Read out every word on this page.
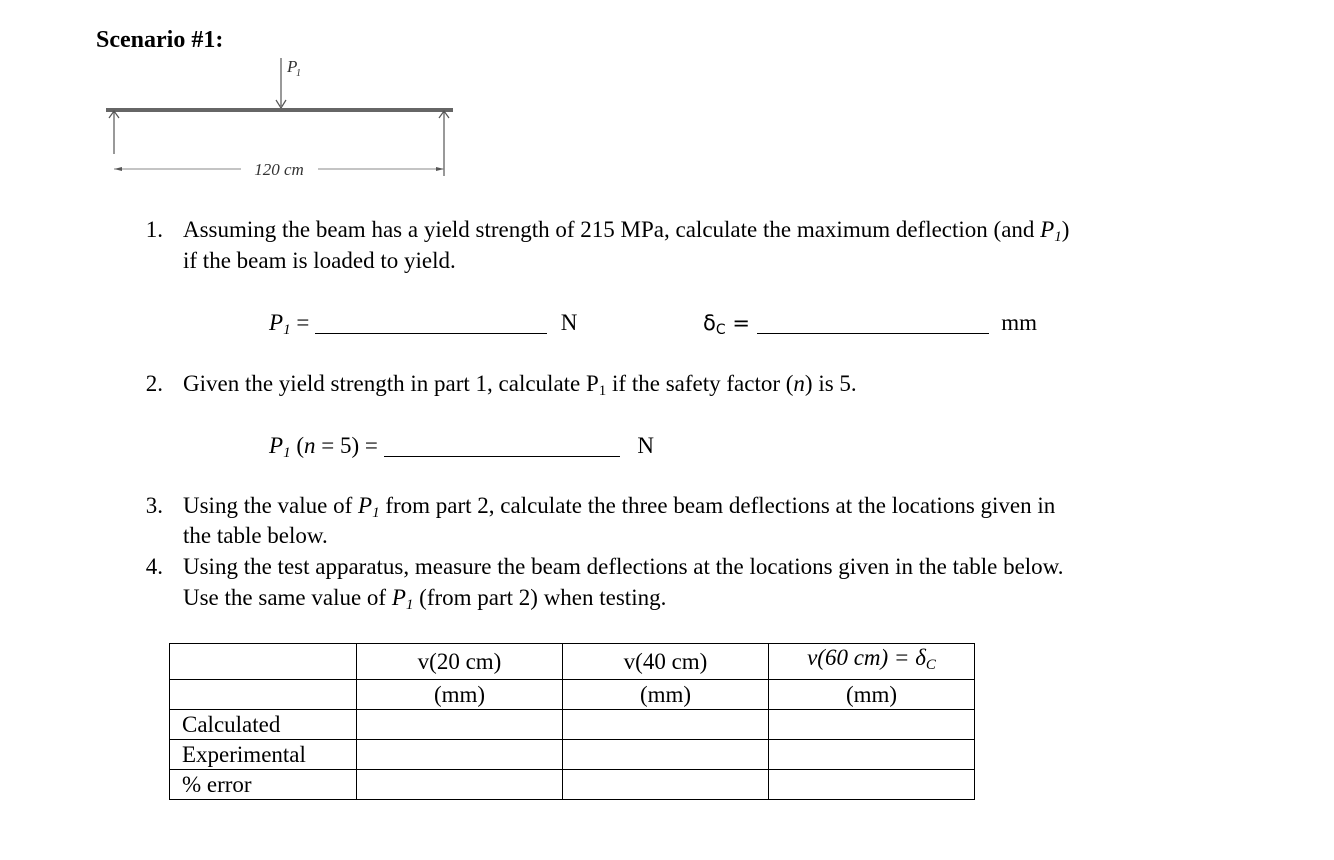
Scenario #1:
P
1
120 cm
1. Assuming the beam has a yield strength of 215 MPa, calculate the maximum deflection (and $P_1$)
if the beam is loaded to yield.
$P_1$ =	N	$\delta_C$ =	mm
2. Given the yield strength in part 1, calculate $P_1$ if the safety factor (n) is 5.
$P_1$ (n = 5) =	N
3. Using the value of $P_1$ from part 2, calculate the three beam deflections at the locations given in
the table below.
4. Using the test apparatus, measure the beam deflections at the locations given in the table below.
Use the same value of $P_1$ (from part 2) when testing.
	v(20 cm)	v(40 cm)	v(60 $cm) = \delta_C$
	(mm)	(mm)	(mm)
Calculated			
Experimental			
% error			
